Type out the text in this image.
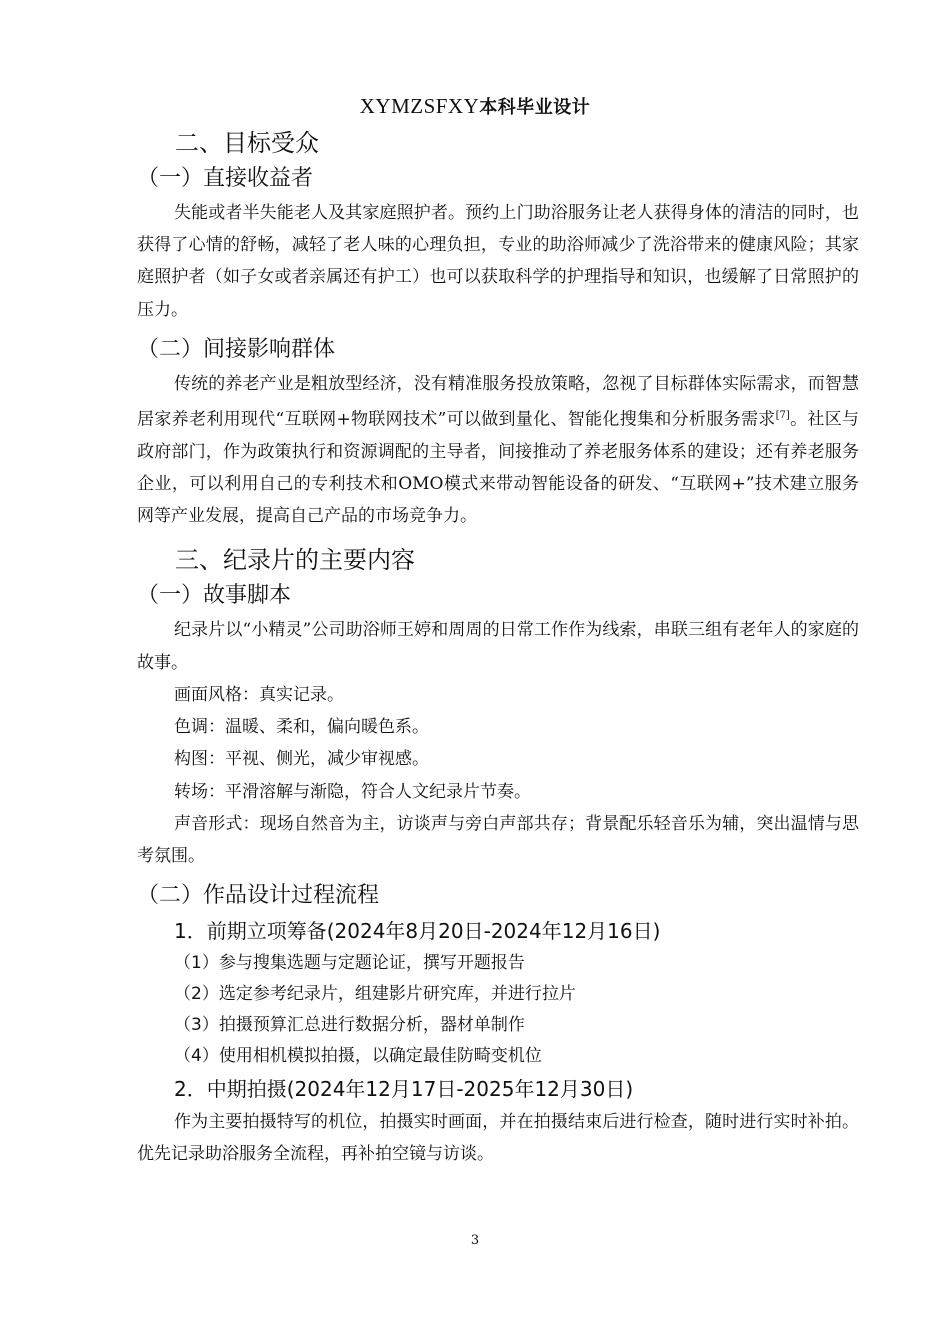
XYMZSFXY本科毕业设计
二、目标受众
（一）直接收益者

失能或者半失能老人及其家庭照护者。预约上门助浴服务让老人获得身体的清洁的同时，也获得了心情的舒畅，减轻了老人味的心理负担，专业的助浴师减少了洗浴带来的健康风险；其家庭照护者（如子女或者亲属还有护工）也可以获取科学的护理指导和知识，也缓解了日常照护的压力。

（二）间接影响群体

传统的养老产业是粗放型经济，没有精准服务投放策略，忽视了目标群体实际需求，而智慧居家养老利用现代“互联网+物联网技术”可以做到量化、智能化搜集和分析服务需求[7]。社区与政府部门，作为政策执行和资源调配的主导者，间接推动了养老服务体系的建设；还有养老服务企业，可以利用自己的专利技术和OMO模式来带动智能设备的研发、“互联网+”技术建立服务网等产业发展，提高自己产品的市场竞争力。

三、纪录片的主要内容
（一）故事脚本

纪录片以“小精灵”公司助浴师王婷和周周的日常工作作为线索，串联三组有老年人的家庭的故事。

画面风格：真实记录。

色调：温暖、柔和，偏向暖色系。

构图：平视、侧光，减少审视感。

转场：平滑溶解与渐隐，符合人文纪录片节奏。

声音形式：现场自然音为主，访谈声与旁白声部共存；背景配乐轻音乐为辅，突出温情与思考氛围。

（二）作品设计过程流程
1．前期立项筹备(2024年8月20日-2024年12月16日)
（1）参与搜集选题与定题论证，撰写开题报告
（2）选定参考纪录片，组建影片研究库，并进行拉片
（3）拍摄预算汇总进行数据分析，器材单制作
（4）使用相机模拟拍摄，以确定最佳防畸变机位
2．中期拍摄(2024年12月17日-2025年12月30日)

作为主要拍摄特写的机位，拍摄实时画面，并在拍摄结束后进行检查，随时进行实时补拍。优先记录助浴服务全流程，再补拍空镜与访谈。

3
